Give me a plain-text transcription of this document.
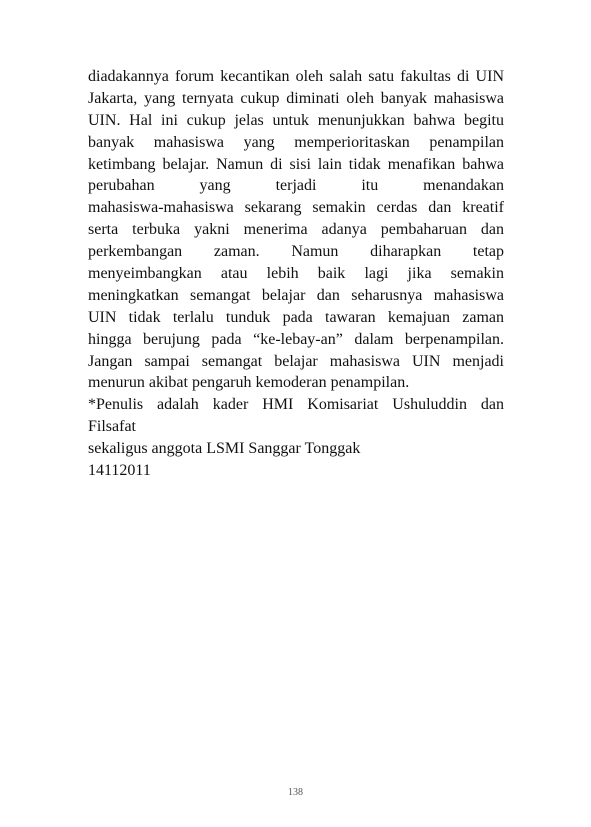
diadakannya forum kecantikan oleh salah satu fakultas di UIN
Jakarta, yang ternyata cukup diminati oleh banyak mahasiswa
UIN. Hal ini cukup jelas untuk menunjukkan bahwa begitu
banyak mahasiswa yang memperioritaskan penampilan
ketimbang belajar. Namun di sisi lain tidak menafikan bahwa
perubahan yang terjadi itu menandakan
mahasiswa-mahasiswa sekarang semakin cerdas dan kreatif
serta terbuka yakni menerima adanya pembaharuan dan
perkembangan zaman. Namun diharapkan tetap
menyeimbangkan atau lebih baik lagi jika semakin
meningkatkan semangat belajar dan seharusnya mahasiswa
UIN tidak terlalu tunduk pada tawaran kemajuan zaman
hingga berujung pada “ke-lebay-an” dalam berpenampilan.
Jangan sampai semangat belajar mahasiswa UIN menjadi
menurun akibat pengaruh kemoderan penampilan.
*Penulis adalah kader HMI Komisariat Ushuluddin dan
Filsafat
sekaligus anggota LSMI Sanggar Tonggak
14112011
138
